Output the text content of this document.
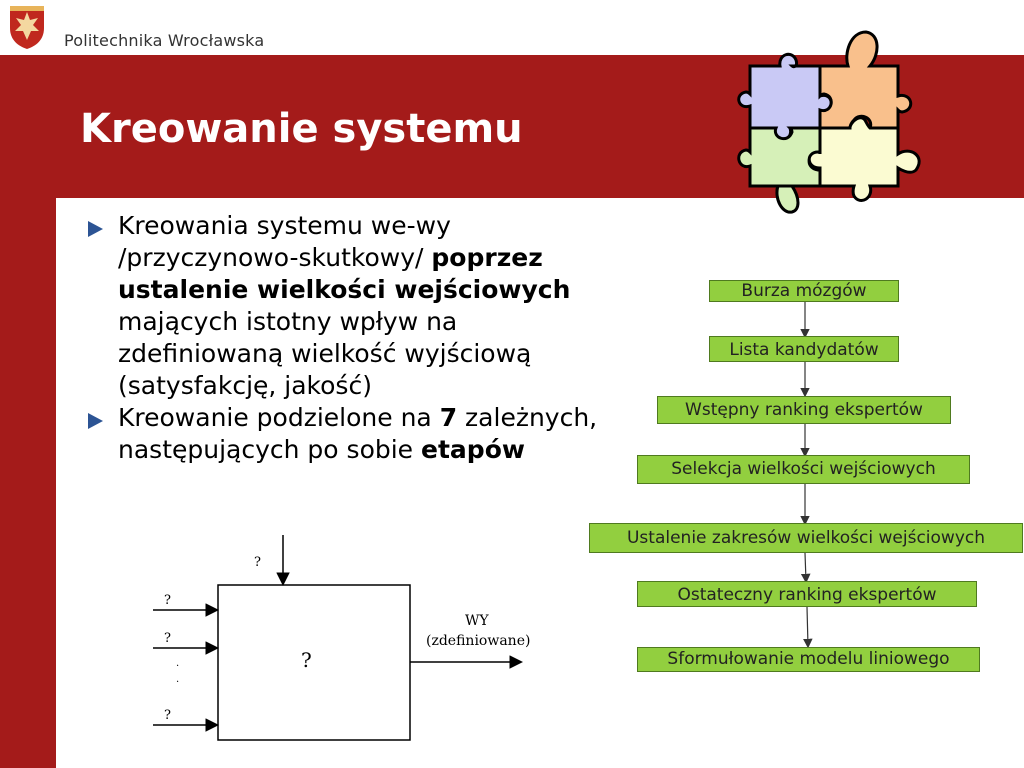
Politechnika Wrocławska
Kreowanie systemu
Kreowania systemu we-wy /przyczynowo-skutkowy/ poprzez ustalenie wielkości wejściowych mających istotny wpływ na zdefiniowaną wielkość wyjściową (satysfakcję, jakość)
Kreowanie podzielone na 7 zależnych, następujących po sobie etapów
Burza mózgów
Lista kandydatów
Wstępny ranking ekspertów
Selekcja wielkości wejściowych
Ustalenie zakresów wielkości wejściowych
Ostateczny ranking ekspertów
Sformułowanie modelu liniowego
?
?
?
.
.
?
?
WY
(zdefiniowane)
